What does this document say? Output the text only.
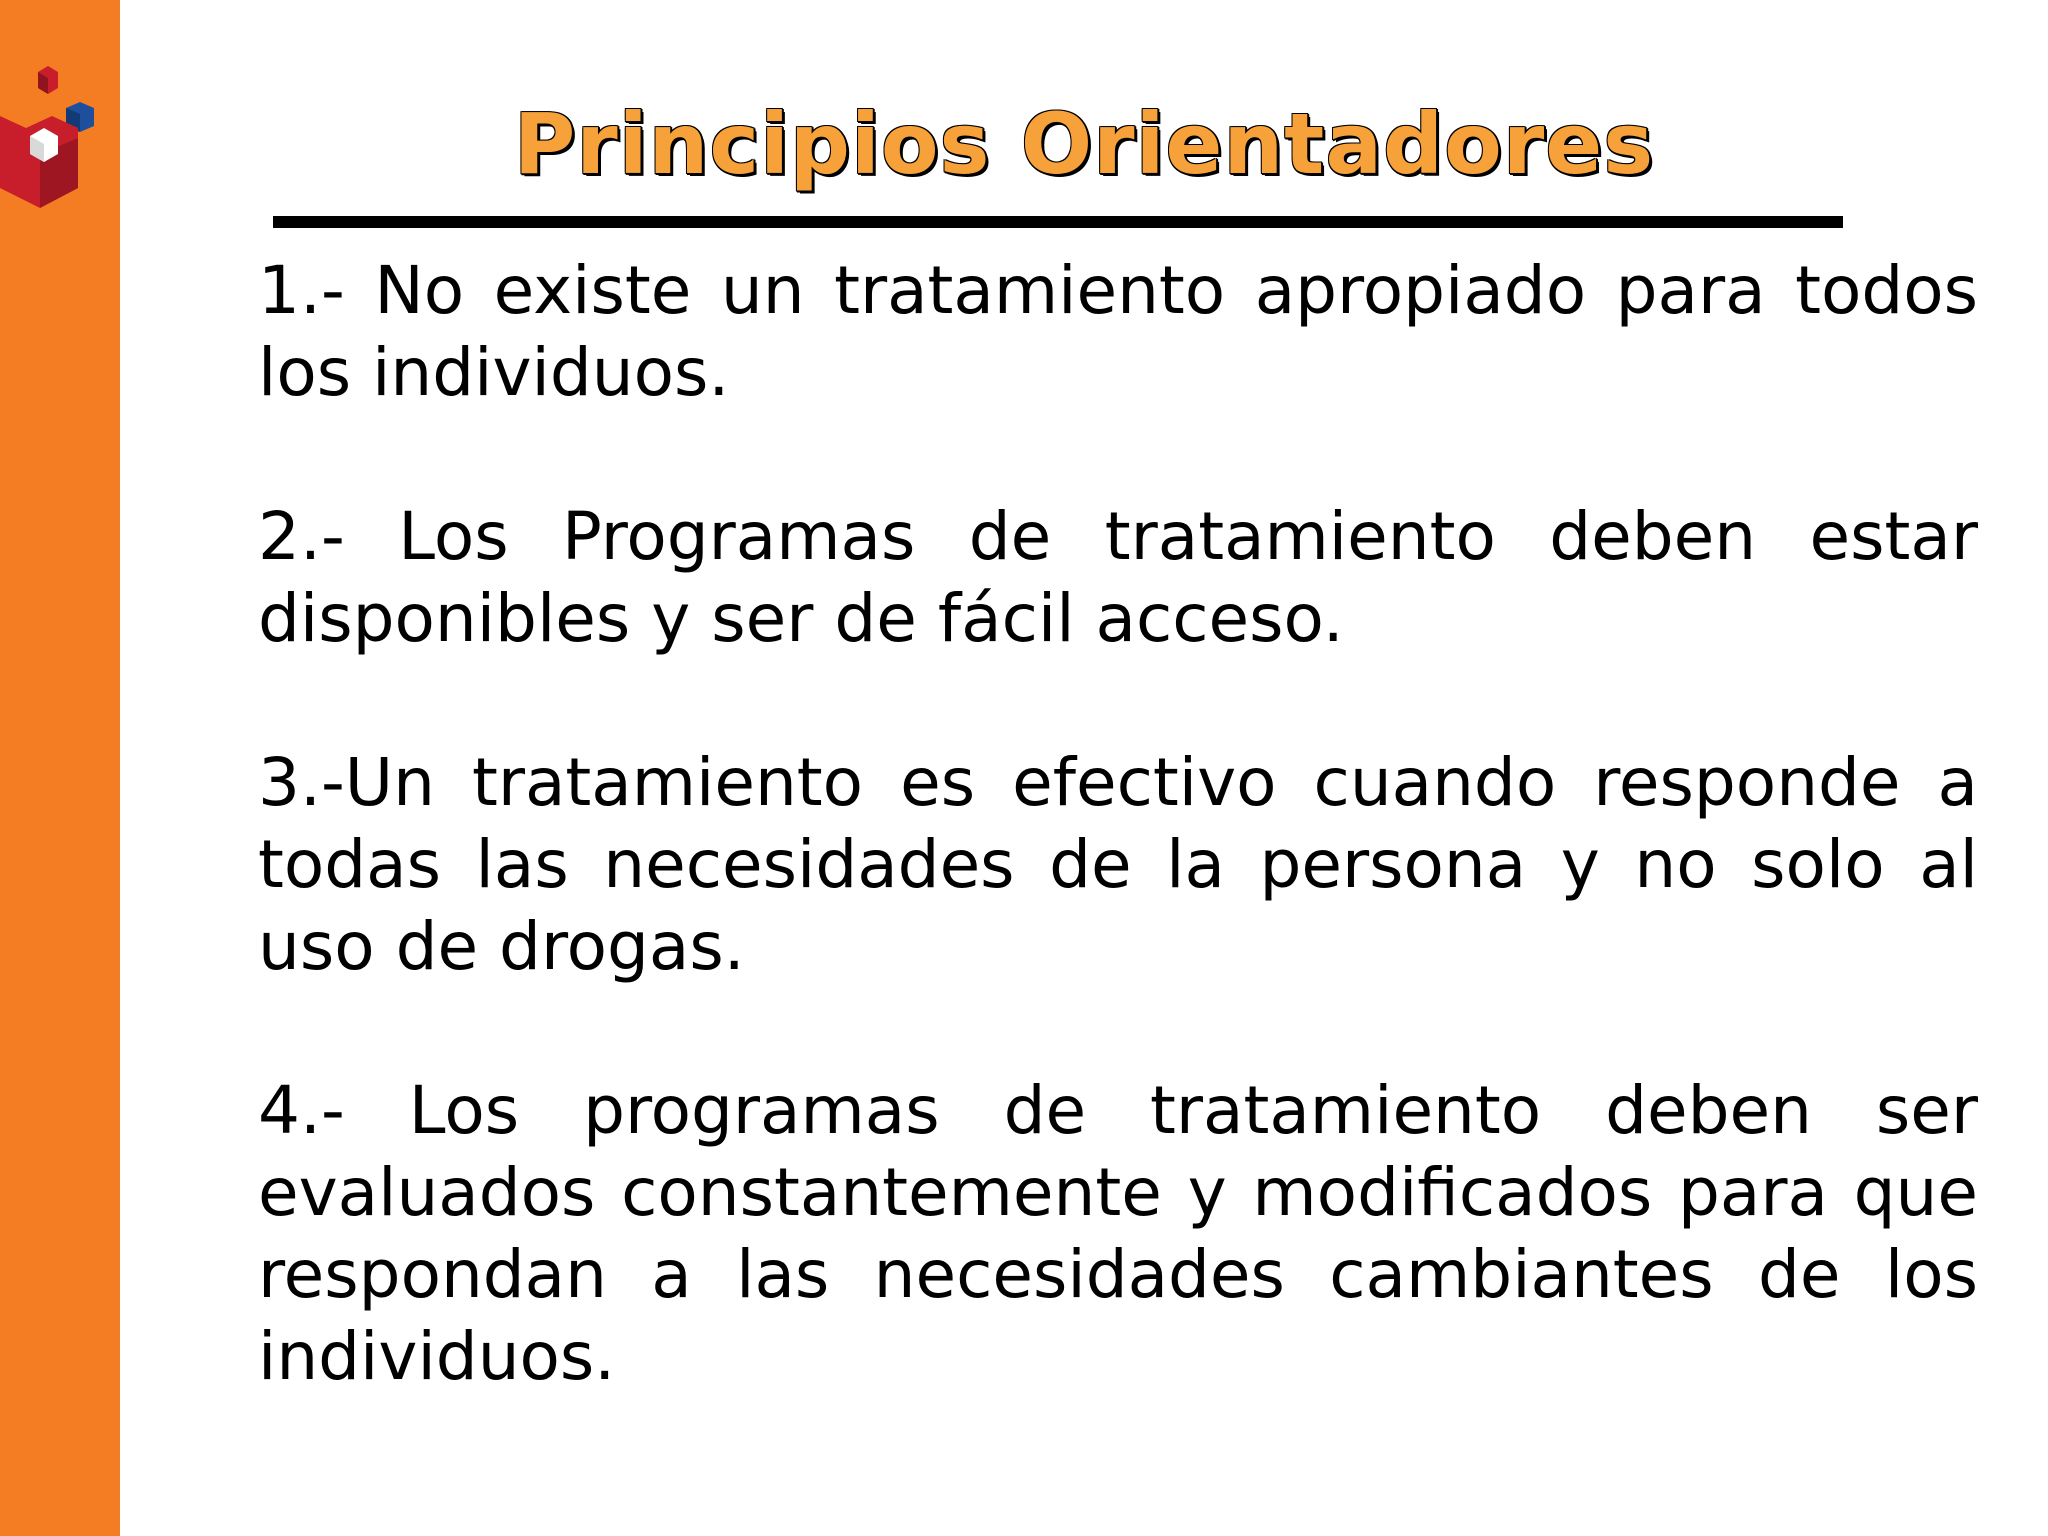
Principios Orientadores
1.- No existe un tratamiento apropiado para todos los individuos.
2.- Los Programas de tratamiento deben estar disponibles y ser de fácil acceso.
3.-Un tratamiento es efectivo cuando responde a todas las necesidades de la persona y no solo al uso de drogas.
4.- Los programas de tratamiento deben ser evaluados constantemente y modificados para que respondan a las necesidades cambiantes de los individuos.
